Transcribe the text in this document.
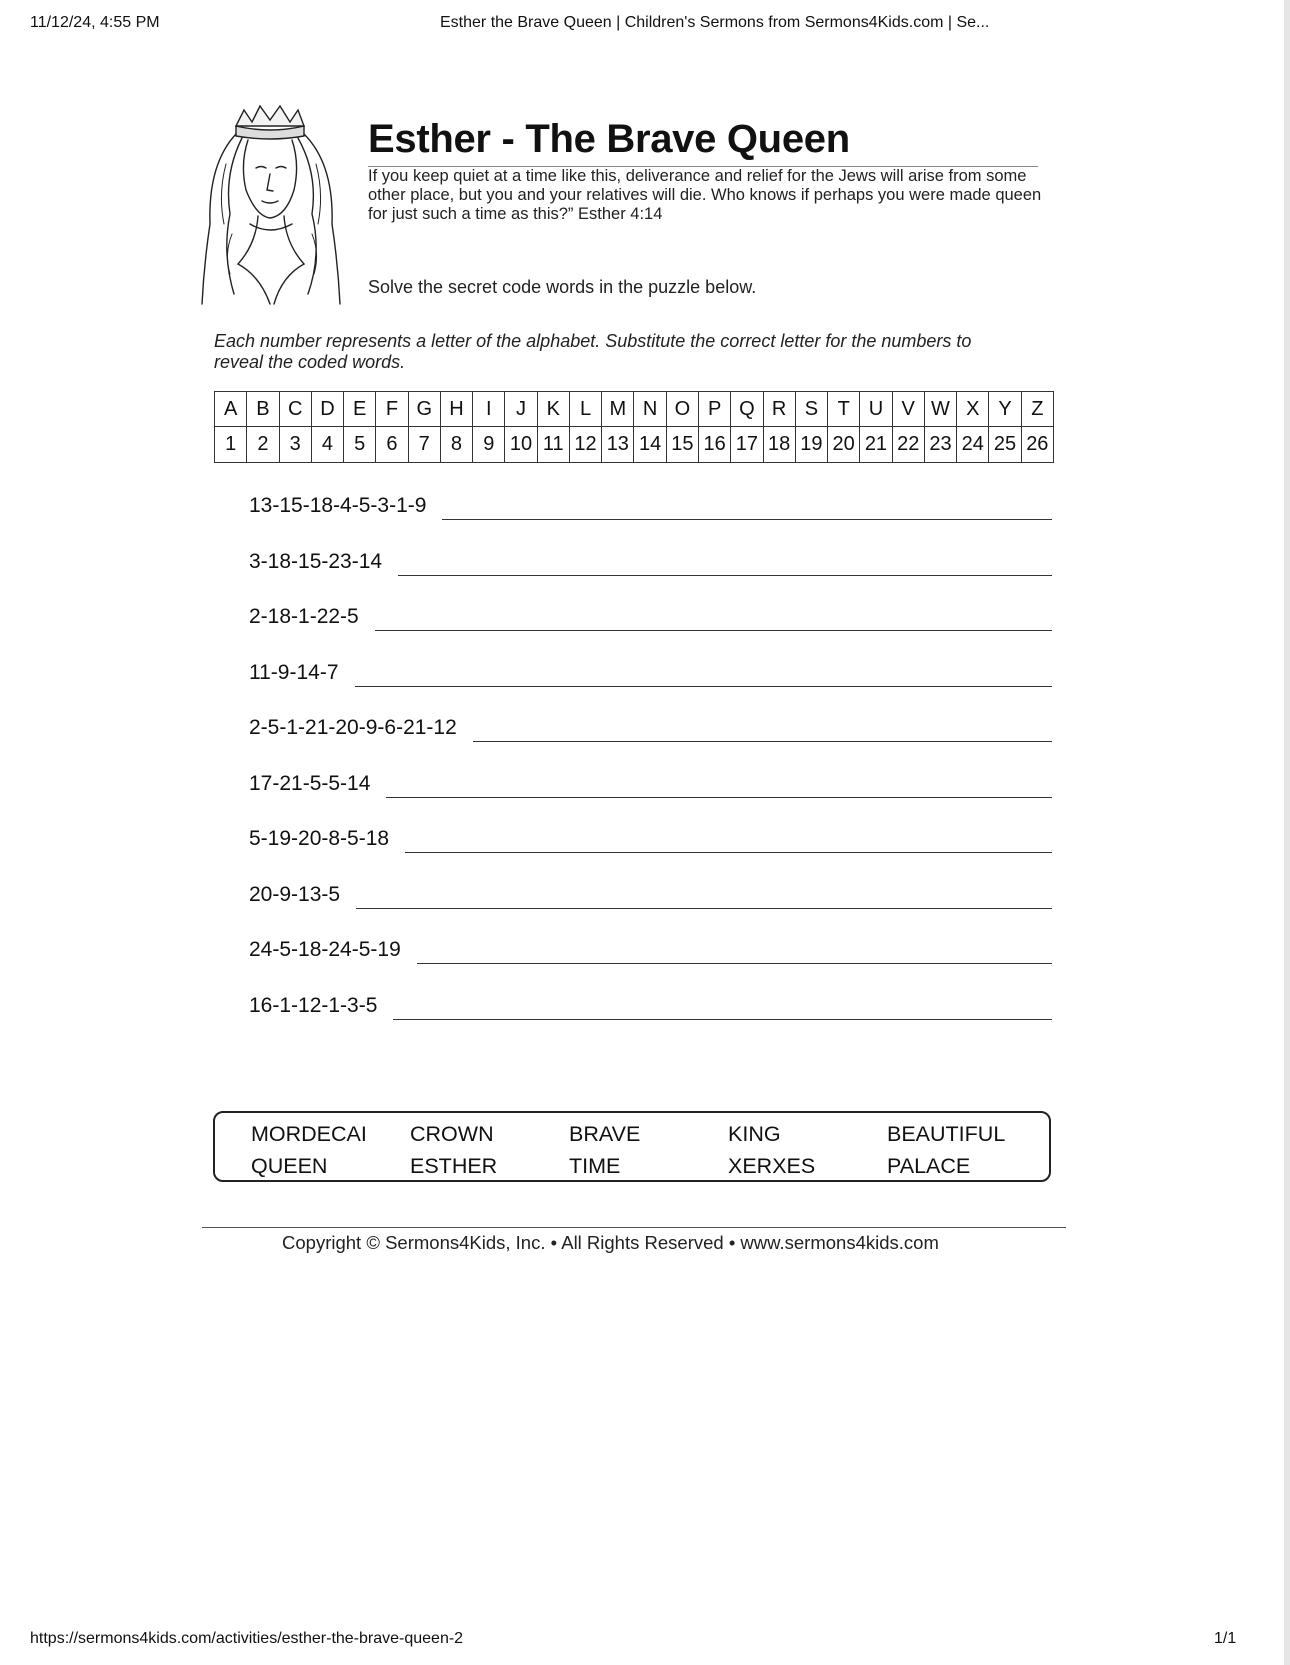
11/12/24, 4:55 PM	Esther the Brave Queen | Children's Sermons from Sermons4Kids.com | Se...
Esther - The Brave Queen
If you keep quiet at a time like this, deliverance and relief for the Jews will arise from some other place, but you and your relatives will die. Who knows if perhaps you were made queen for just such a time as this?” Esther 4:14
Solve the secret code words in the puzzle below.
Each number represents a letter of the alphabet. Substitute the correct letter for the numbers to reveal the coded words.
A	B	C	D	E	F	G	H	I	J	K	L	M	N	O	P	Q	R	S	T	U	V	W	X	Y	Z
1	2	3	4	5	6	7	8	9	10	11	12	13	14	15	16	17	18	19	20	21	22	23	24	25	26
13-15-18-4-5-3-1-9
3-18-15-23-14
2-18-1-22-5
11-9-14-7
2-5-1-21-20-9-6-21-12
17-21-5-5-14
5-19-20-8-5-18
20-9-13-5
24-5-18-24-5-19
16-1-12-1-3-5
MORDECAI	CROWN	BRAVE	KING	BEAUTIFUL
QUEEN	ESTHER	TIME	XERXES	PALACE
Copyright © Sermons4Kids, Inc. • All Rights Reserved • www.sermons4kids.com
https://sermons4kids.com/activities/esther-the-brave-queen-2	1/1
